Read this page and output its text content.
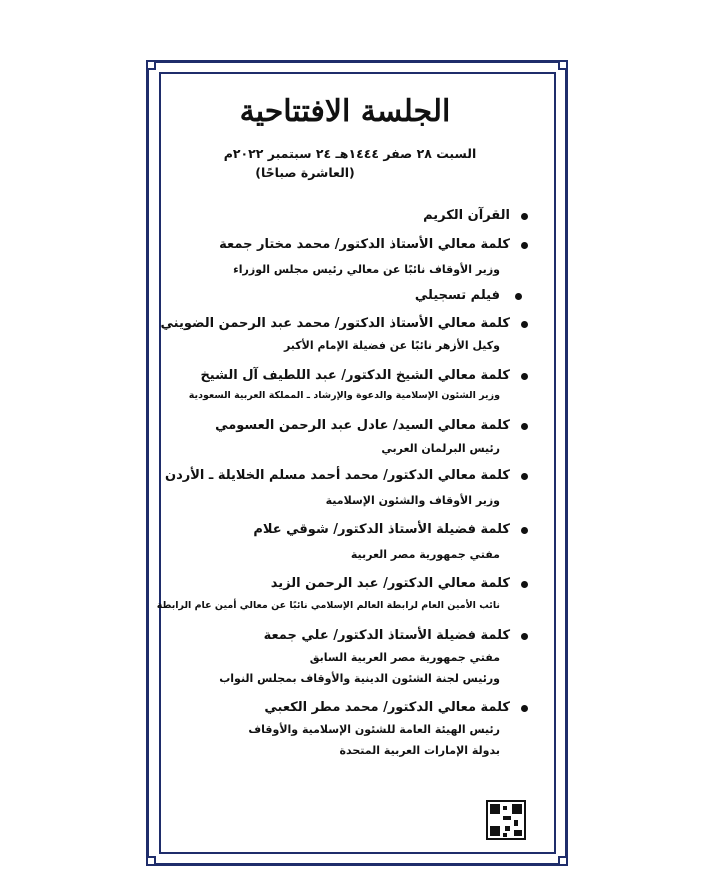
الجلسة الافتتاحية
السبت ٢٨ صفر ١٤٤٤هـ ٢٤ سبتمبر ٢٠٢٢م
(العاشرة صباحًا)
القرآن الكريم
كلمة معالي الأستاذ الدكتور/ محمد مختار جمعة
وزير الأوقاف نائبًا عن معالي رئيس مجلس الوزراء
فيلم تسجيلي
كلمة معالي الأستاذ الدكتور/ محمد عبد الرحمن الضويني
وكيل الأزهر نائبًا عن فضيلة الإمام الأكبر
كلمة معالي الشيخ الدكتور/ عبد اللطيف آل الشيخ
وزير الشئون الإسلامية والدعوة والإرشاد ـ المملكة العربية السعودية
كلمة معالي السيد/ عادل عبد الرحمن العسومي
رئيس البرلمان العربي
كلمة معالي الدكتور/ محمد أحمد مسلم الخلايلة ـ الأردن
وزير الأوقاف والشئون الإسلامية
كلمة فضيلة الأستاذ الدكتور/ شوقي علام
مفتي جمهورية مصر العربية
كلمة معالي الدكتور/ عبد الرحمن الزيد
نائب الأمين العام لرابطة العالم الإسلامي نائبًا عن معالي أمين عام الرابطة
كلمة فضيلة الأستاذ الدكتور/ علي جمعة
مفتي جمهورية مصر العربية السابق
ورئيس لجنة الشئون الدينية والأوقاف بمجلس النواب
كلمة معالي الدكتور/ محمد مطر الكعبي
رئيس الهيئة العامة للشئون الإسلامية والأوقاف
بدولة الإمارات العربية المتحدة
